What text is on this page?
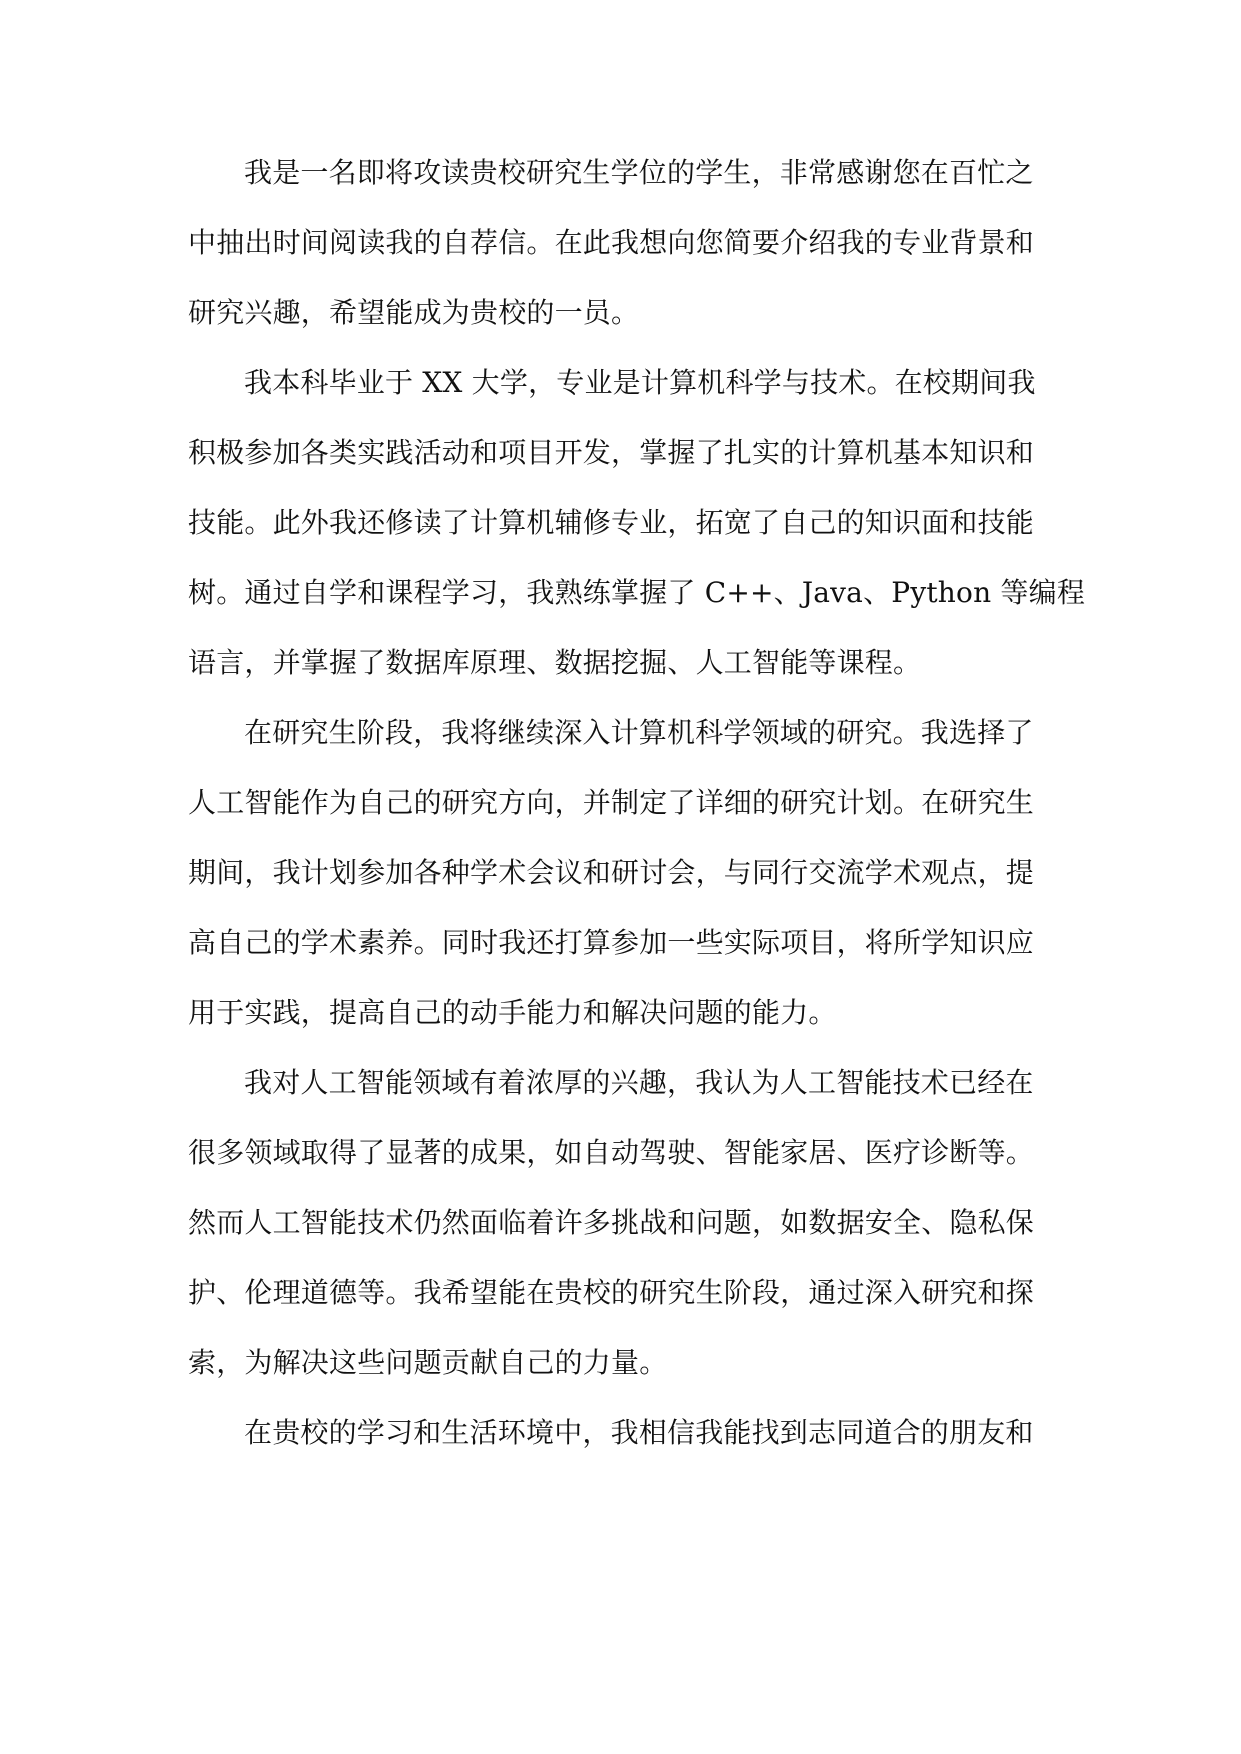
我是一名即将攻读贵校研究生学位的学生，非常感谢您在百忙之
中抽出时间阅读我的自荐信。在此我想向您简要介绍我的专业背景和
研究兴趣，希望能成为贵校的一员。

我本科毕业于 XX 大学，专业是计算机科学与技术。在校期间我
积极参加各类实践活动和项目开发，掌握了扎实的计算机基本知识和
技能。此外我还修读了计算机辅修专业，拓宽了自己的知识面和技能
树。通过自学和课程学习，我熟练掌握了 C++、Java、Python 等编程
语言，并掌握了数据库原理、数据挖掘、人工智能等课程。

在研究生阶段，我将继续深入计算机科学领域的研究。我选择了
人工智能作为自己的研究方向，并制定了详细的研究计划。在研究生
期间，我计划参加各种学术会议和研讨会，与同行交流学术观点，提
高自己的学术素养。同时我还打算参加一些实际项目，将所学知识应
用于实践，提高自己的动手能力和解决问题的能力。

我对人工智能领域有着浓厚的兴趣，我认为人工智能技术已经在
很多领域取得了显著的成果，如自动驾驶、智能家居、医疗诊断等。
然而人工智能技术仍然面临着许多挑战和问题，如数据安全、隐私保
护、伦理道德等。我希望能在贵校的研究生阶段，通过深入研究和探
索，为解决这些问题贡献自己的力量。

在贵校的学习和生活环境中，我相信我能找到志同道合的朋友和
